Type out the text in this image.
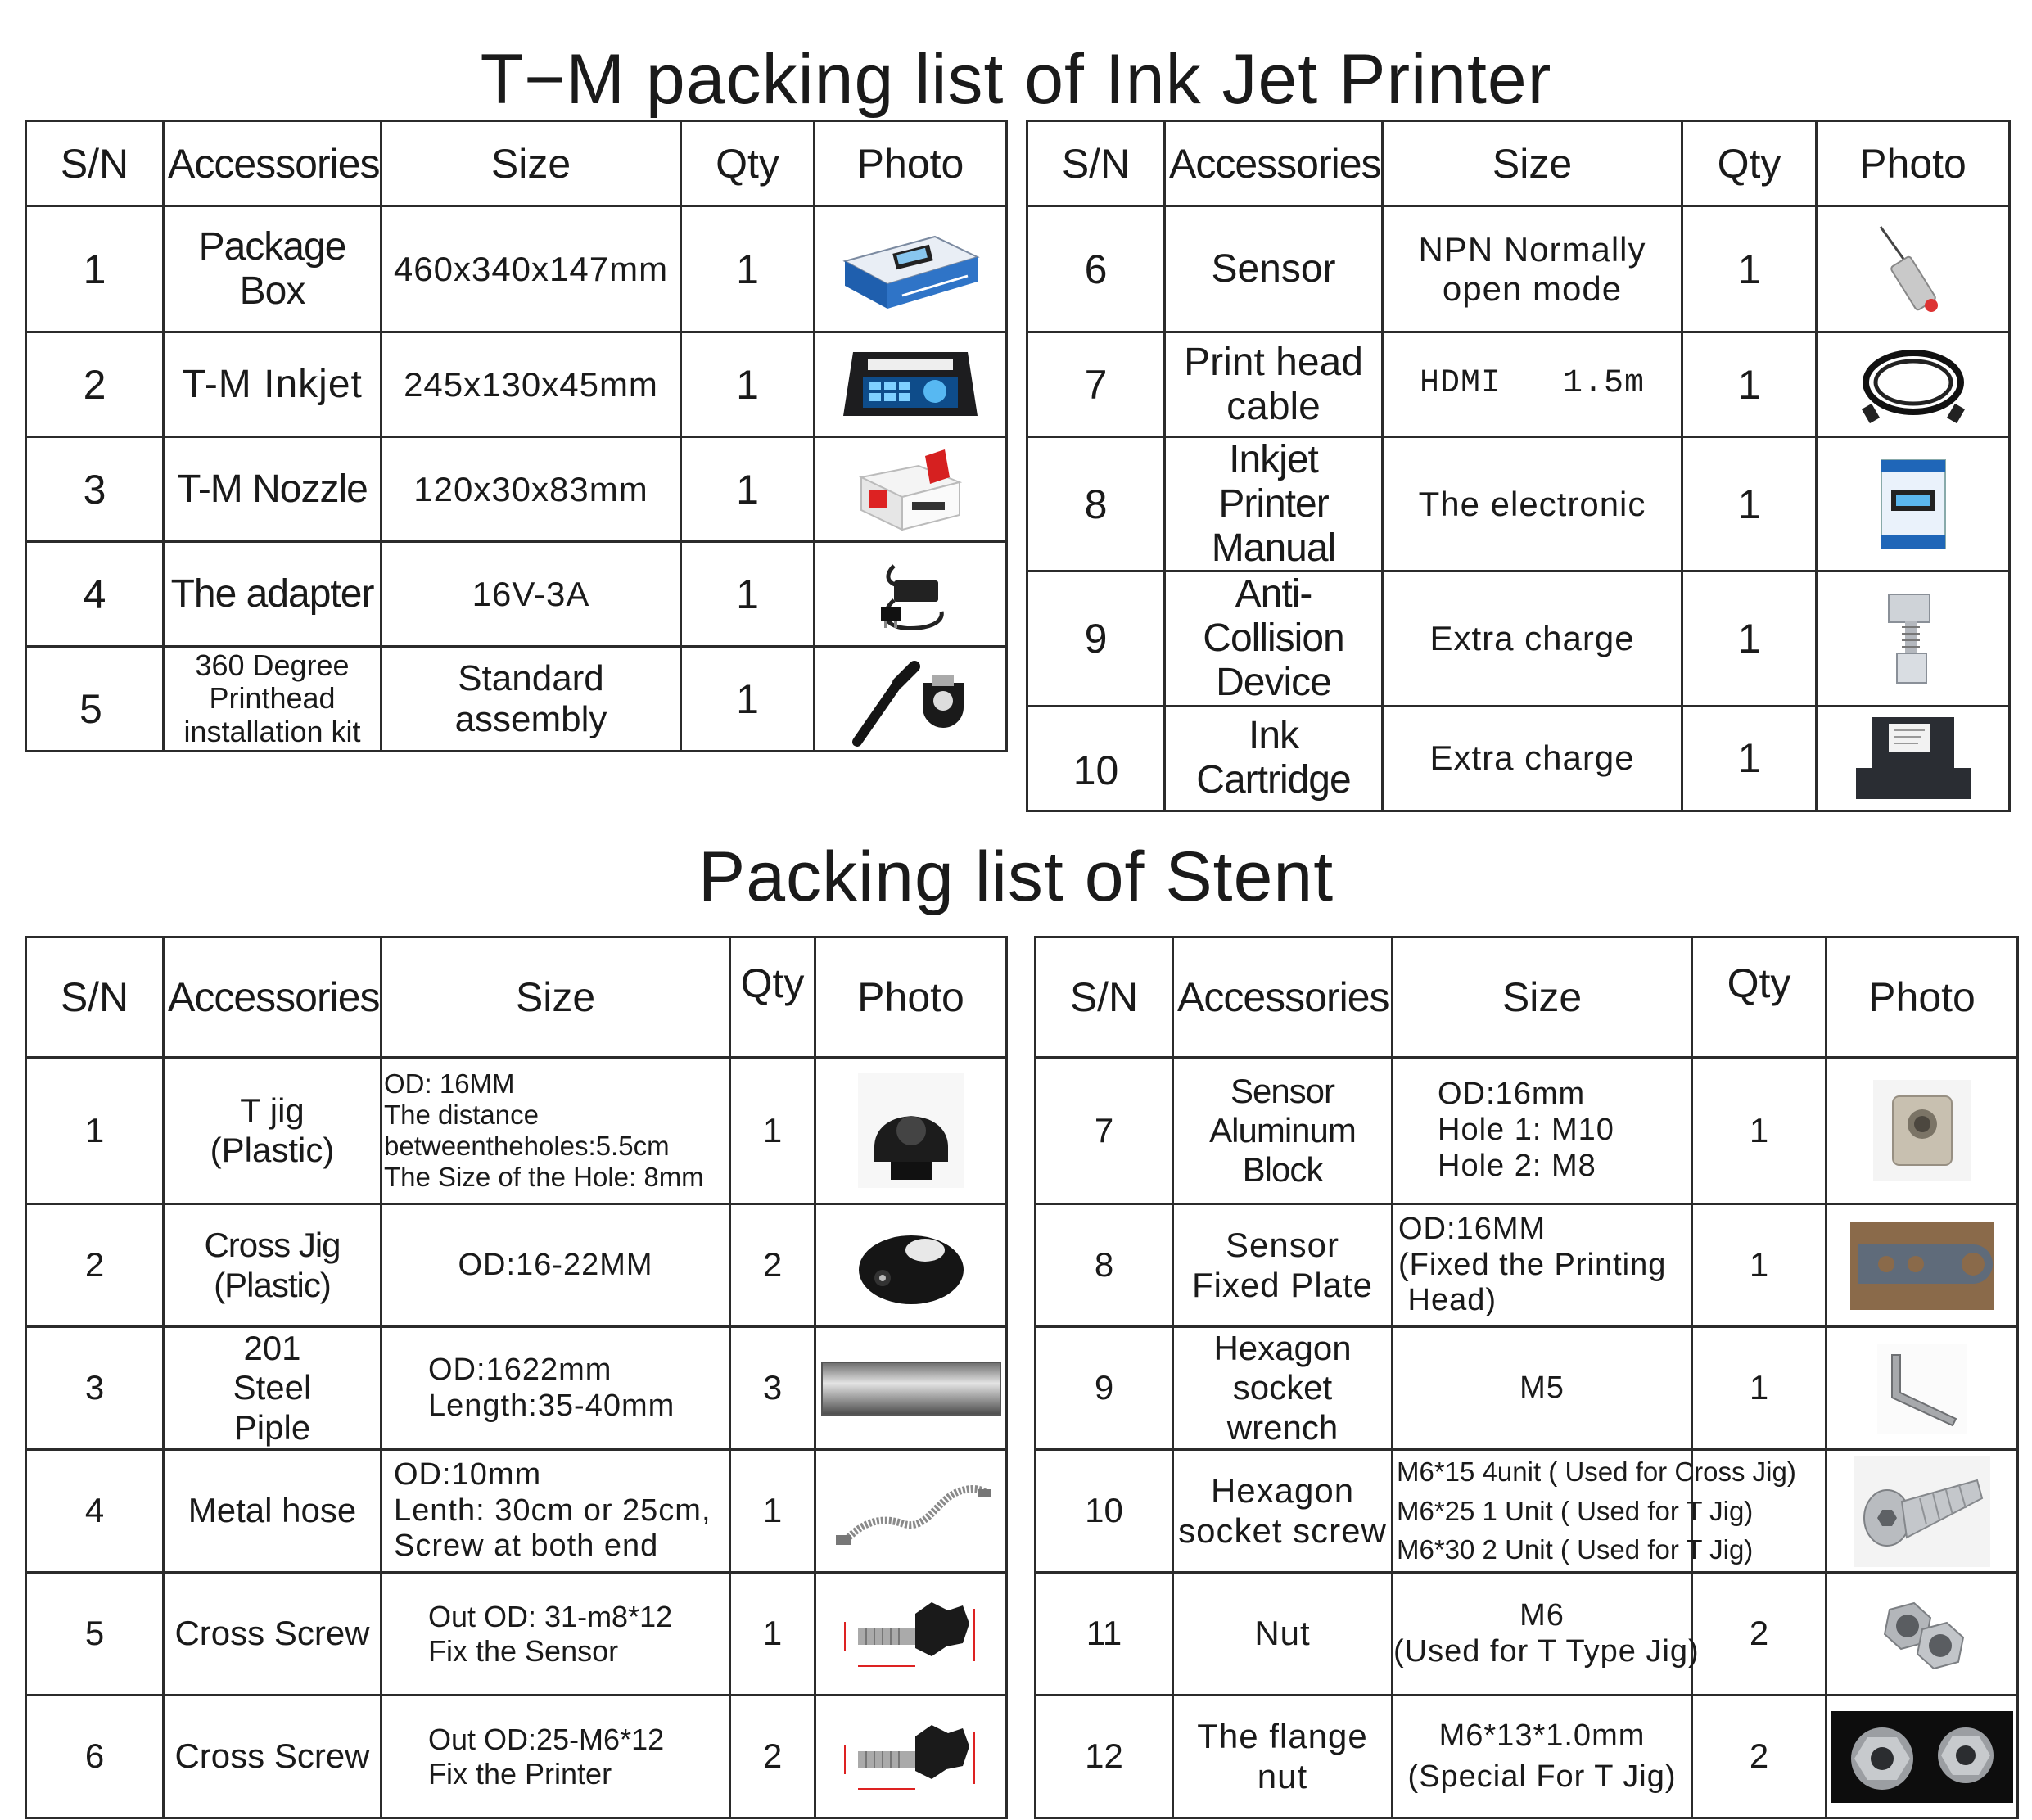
T−M packing list of Ink Jet Printer
Packing list of Stent
S/N	Accessories	Size	Qty	Photo
1	Package Box	460x340x147mm	1	

2	T-M Inkjet	245x130x45mm	1	

3	T-M Nozzle	120x30x83mm	1	

4	The adapter	16V-3A	1	

5	360 Degree Printhead installation kit	Standard assembly	1	
S/N	Accessories	Size	Qty	Photo
6	Sensor	NPN Normally open mode	1	

7	Print head cable	HDMI   1.5m	1	

8	Inkjet Printer Manual	The electronic	1	

9	Anti-Collision Device	Extra charge	1	

10	Ink Cartridge	Extra charge	1	
S/N	Accessories	Size	Qty	Photo
1	T jig (Plastic)	OD: 16MM
The distance
betweentheholes:5.5cm
The Size of the Hole: 8mm	1	

2	Cross Jig (Plastic)	OD:16-22MM	2	

3	201 Steel Piple	OD:1622mm
Length:35-40mm	3	

4	Metal hose	OD:10mm
Lenth: 30cm or 25cm,
Screw at both end	1	

5	Cross Screw	Out OD: 31-m8*12
Fix the Sensor	1	

6	Cross Screw	Out OD:25-M6*12
Fix the Printer	2	
S/N	Accessories	Size	Qty	Photo
7	Sensor Aluminum Block	OD:16mm
Hole 1: M10
Hole 2: M8	1	

8	Sensor Fixed Plate	OD:16MM
(Fixed the Printing
Head)	1	

9	Hexagon socket wrench	M5	1	

10	Hexagon socket screw	M6*15 4unit ( Used for Cross Jig)
M6*25 1 Unit ( Used for T Jig)
M6*30 2 Unit ( Used for T Jig)

11	Nut	M6
(Used for T Type Jig)	2	

12	The flange nut	M6*13*1.0mm
(Special For T Jig)	2	
